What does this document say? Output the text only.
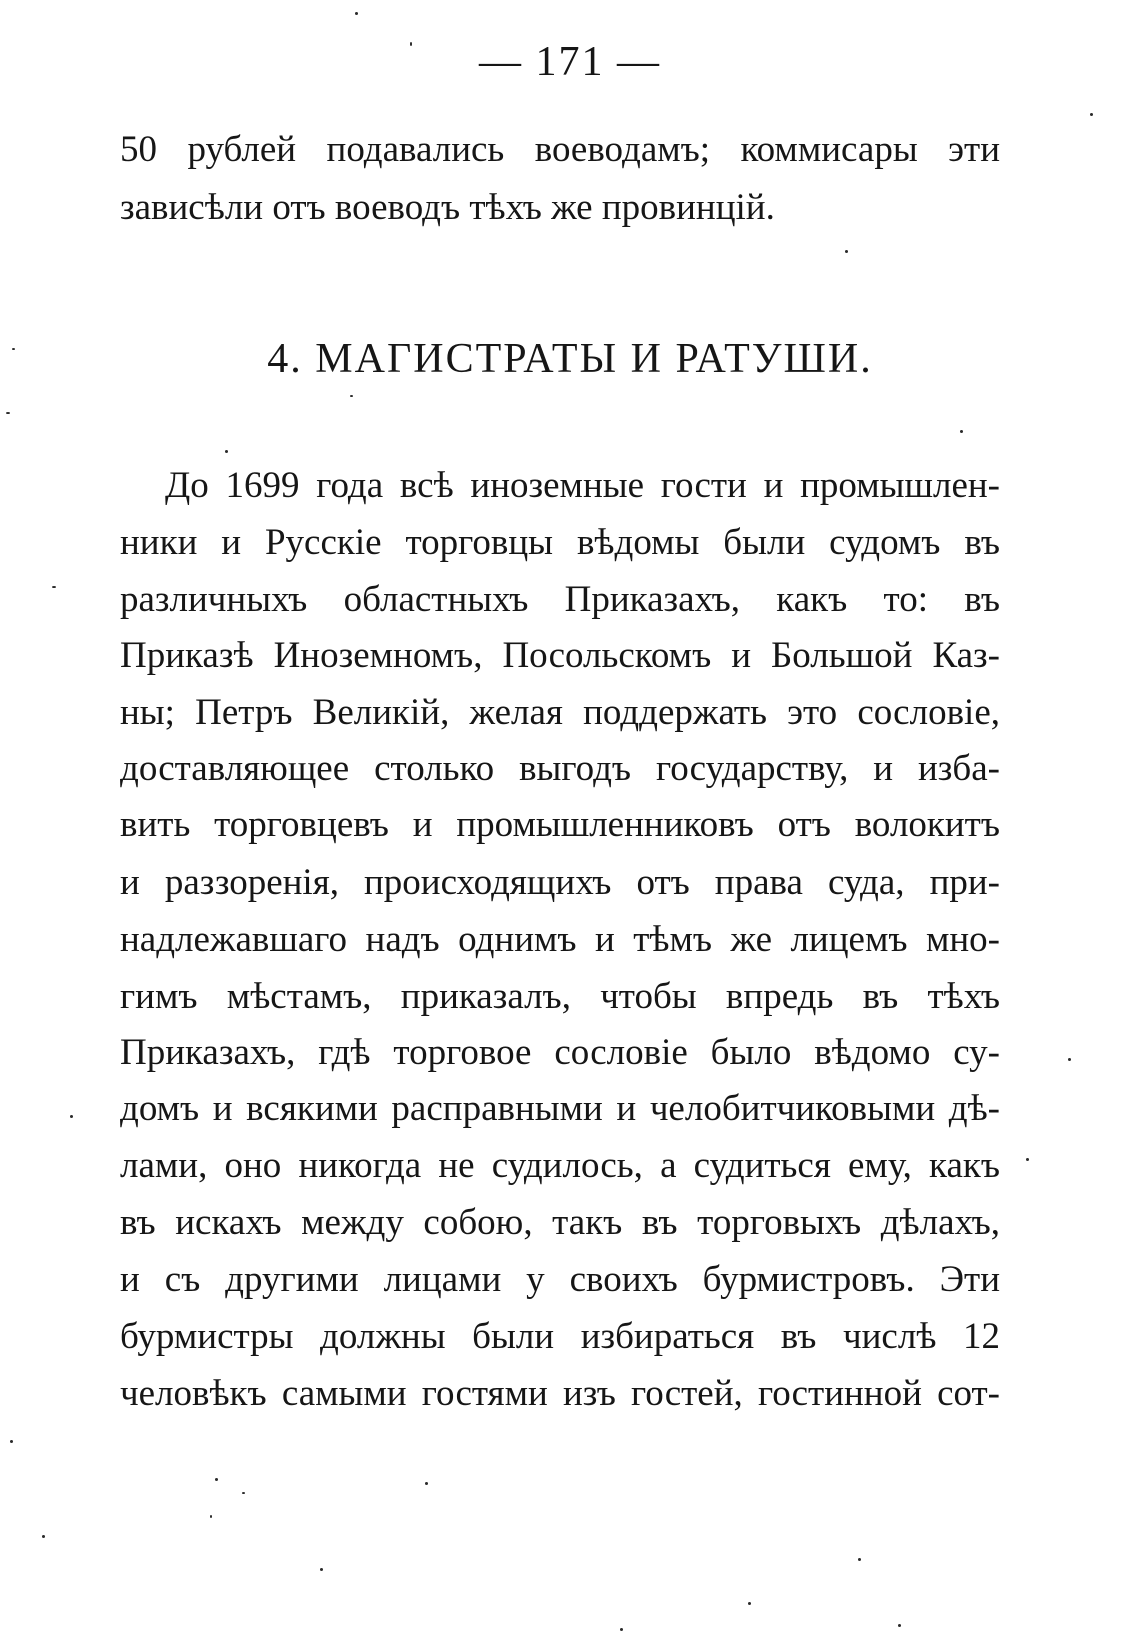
— 171 —
50 рублей подавались воеводамъ; коммисары эти
зависѣли отъ воеводъ тѣхъ же провинцій.
4. МАГИСТРАТЫ И РАТУШИ.
До 1699 года всѣ иноземные гости и промышлен-
ники и Русскіе торговцы вѣдомы были судомъ въ
различныхъ областныхъ Приказахъ, какъ то: въ
Приказѣ Иноземномъ, Посольскомъ и Большой Каз-
ны; Петръ Великій, желая поддержать это сословіе,
доставляющее столько выгодъ государству, и изба-
вить торговцевъ и промышленниковъ отъ волокитъ
и раззоренія, происходящихъ отъ права суда, при-
надлежавшаго надъ однимъ и тѣмъ же лицемъ мно-
гимъ мѣстамъ, приказалъ, чтобы впредь въ тѣхъ
Приказахъ, гдѣ торговое сословіе было вѣдомо су-
домъ и всякими расправными и челобитчиковыми дѣ-
лами, оно никогда не судилось, а судиться ему, какъ
въ искахъ между собою, такъ въ торговыхъ дѣлахъ,
и съ другими лицами у своихъ бурмистровъ. Эти
бурмистры должны были избираться въ числѣ 12
человѣкъ самыми гостями изъ гостей, гостинной сот-
